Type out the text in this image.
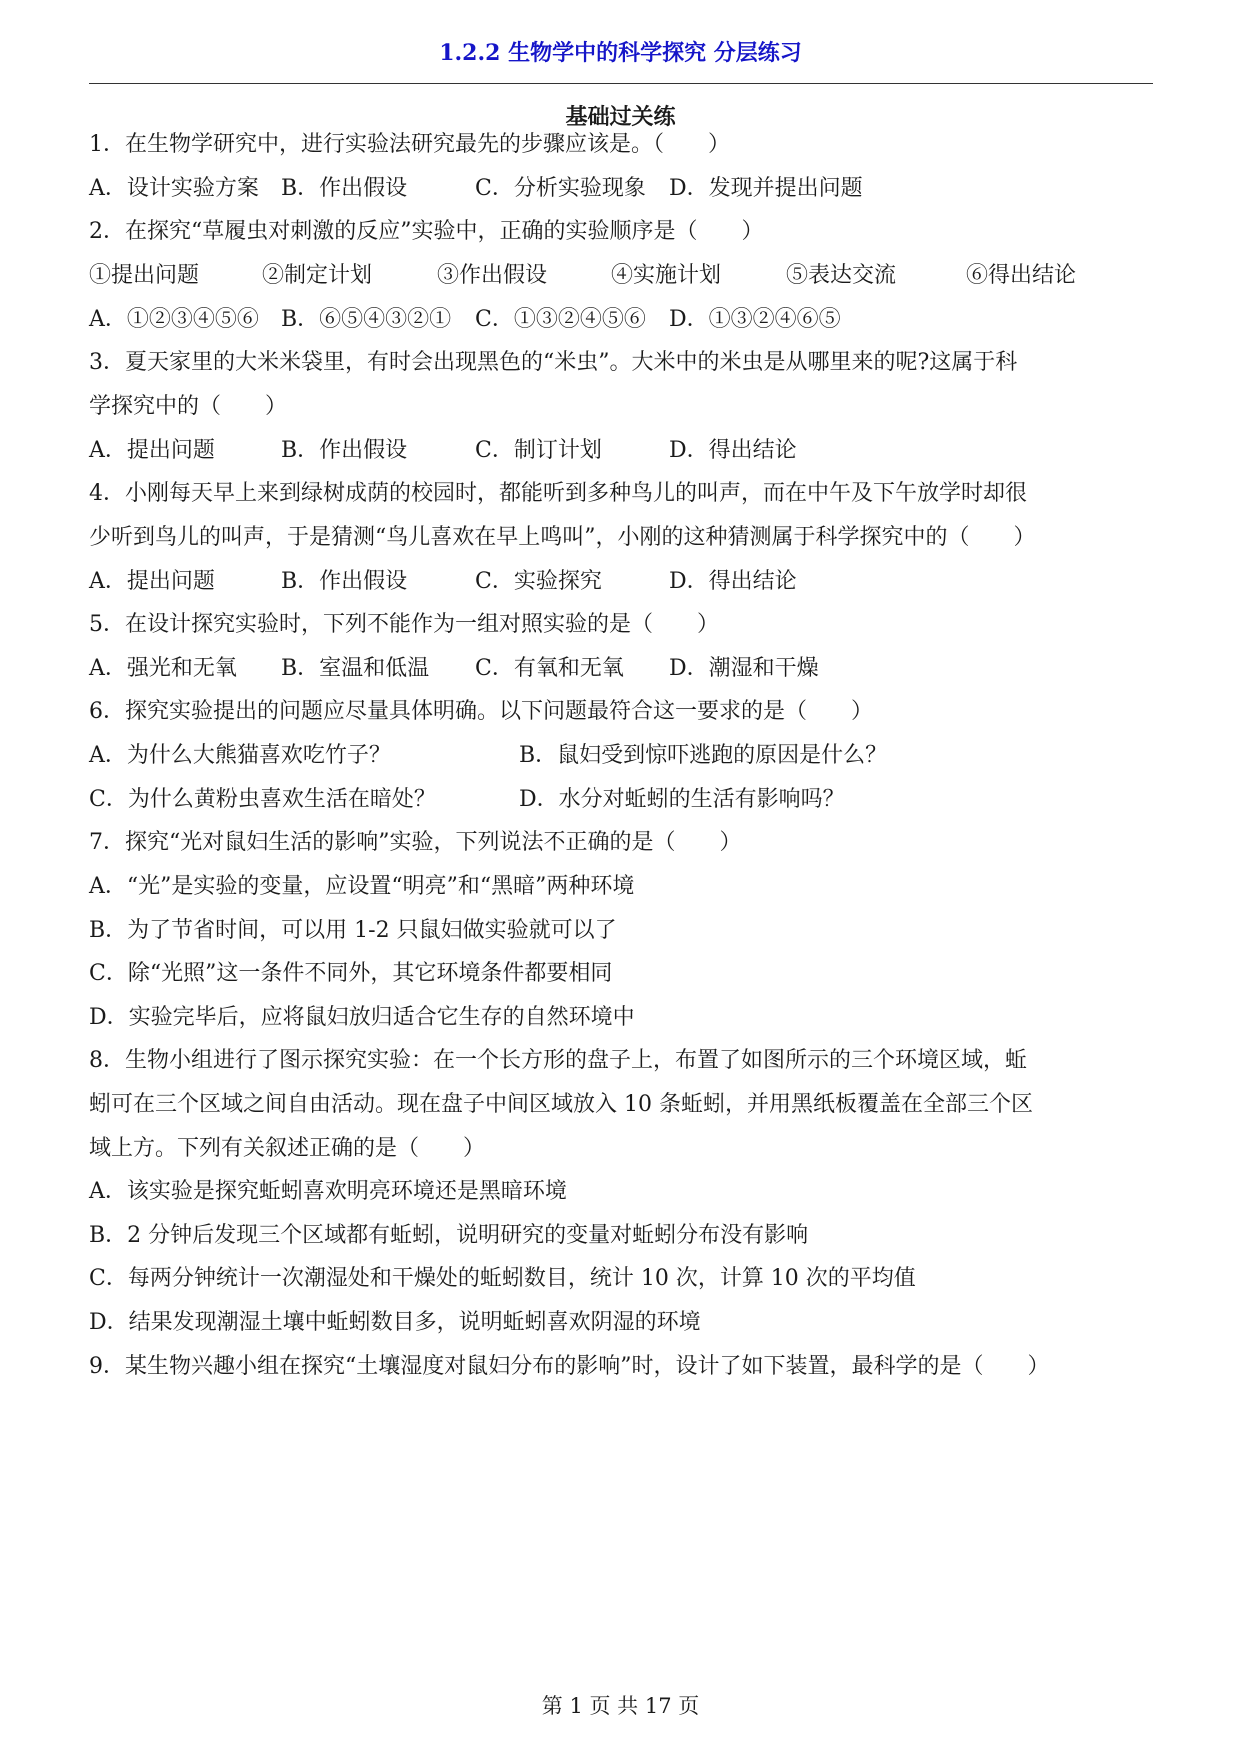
1.2.2 生物学中的科学探究 分层练习
基础过关练
1．在生物学研究中，进行实验法研究最先的步骤应该是。（　　）
A．设计实验方案 B．作出假设	C．分析实验现象 D．发现并提出问题
2．在探究“草履虫对刺激的反应”实验中，正确的实验顺序是（　　）
①提出问题	②制定计划	③作出假设	④实施计划	⑤表达交流	⑥得出结论
A．①②③④⑤⑥ B．⑥⑤④③②① C．①③②④⑤⑥ D．①③②④⑥⑤
3．夏天家里的大米米袋里，有时会出现黑色的“米虫”。大米中的米虫是从哪里来的呢?这属于科
学探究中的（　　）
A．提出问题	B．作出假设	C．制订计划	D．得出结论
4．小刚每天早上来到绿树成荫的校园时，都能听到多种鸟儿的叫声，而在中午及下午放学时却很
少听到鸟儿的叫声，于是猜测“鸟儿喜欢在早上鸣叫”，小刚的这种猜测属于科学探究中的（　　）
A．提出问题	B．作出假设	C．实验探究	D．得出结论
5．在设计探究实验时，下列不能作为一组对照实验的是（　　）
A．强光和无氧 B．室温和低温 C．有氧和无氧 D．潮湿和干燥
6．探究实验提出的问题应尽量具体明确。以下问题最符合这一要求的是（　　）
A．为什么大熊猫喜欢吃竹子？	B．鼠妇受到惊吓逃跑的原因是什么？
C．为什么黄粉虫喜欢生活在暗处？	D．水分对蚯蚓的生活有影响吗？
7．探究“光对鼠妇生活的影响”实验，下列说法不正确的是（　　）
A．“光”是实验的变量，应设置“明亮”和“黑暗”两种环境
B．为了节省时间，可以用 1-2 只鼠妇做实验就可以了
C．除“光照”这一条件不同外，其它环境条件都要相同
D．实验完毕后，应将鼠妇放归适合它生存的自然环境中
8．生物小组进行了图示探究实验：在一个长方形的盘子上，布置了如图所示的三个环境区域，蚯
蚓可在三个区域之间自由活动。现在盘子中间区域放入 10 条蚯蚓，并用黑纸板覆盖在全部三个区
域上方。下列有关叙述正确的是（　　）
A．该实验是探究蚯蚓喜欢明亮环境还是黑暗环境
B．2 分钟后发现三个区域都有蚯蚓，说明研究的变量对蚯蚓分布没有影响
C．每两分钟统计一次潮湿处和干燥处的蚯蚓数目，统计 10 次，计算 10 次的平均值
D．结果发现潮湿土壤中蚯蚓数目多，说明蚯蚓喜欢阴湿的环境
9．某生物兴趣小组在探究“土壤湿度对鼠妇分布的影响”时，设计了如下装置，最科学的是（　　）
第 1 页 共 17 页
